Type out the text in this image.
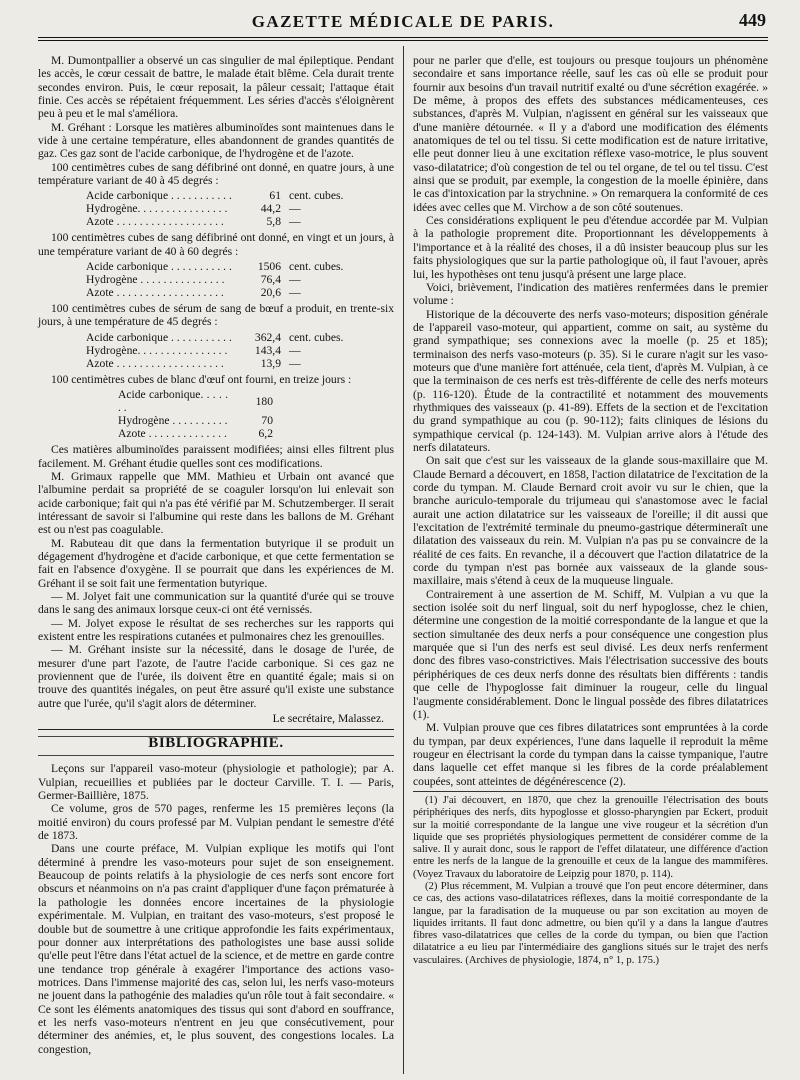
GAZETTE MÉDICALE DE PARIS.	449

M. Dumontpallier a observé un cas singulier de mal épileptique. Pendant les accès, le cœur cessait de battre, le malade était blême. Cela durait trente secondes environ. Puis, le cœur reposait, la pâleur cessait; l'attaque était finie. Ces accès se répétaient fréquemment. Les séries d'accès s'éloignèrent peu à peu et le mal s'améliora.

M. Gréhant : Lorsque les matières albuminoïdes sont maintenues dans le vide à une certaine température, elles abandonnent de grandes quantités de gaz. Ces gaz sont de l'acide carbonique, de l'hydrogène et de l'azote.

100 centimètres cubes de sang défibriné ont donné, en quatre jours, à une température variant de 40 à 45 degrés :

Acide carbonique . . . . . . . . . . .	61	cent. cubes.
Hydrogène. . . . . . . . . . . . . . . .	44,2	—
Azote . . . . . . . . . . . . . . . . . . .	5,8	—

100 centimètres cubes de sang défibriné ont donné, en vingt et un jours, à une température variant de 40 à 60 degrés :

Acide carbonique . . . . . . . . . . .	1506	cent. cubes.
Hydrogène . . . . . . . . . . . . . . .	76,4	—
Azote . . . . . . . . . . . . . . . . . . .	20,6	—

100 centimètres cubes de sérum de sang de bœuf a produit, en trente-six jours, à une température de 45 degrés :

Acide carbonique . . . . . . . . . . .	362,4	cent. cubes.
Hydrogène. . . . . . . . . . . . . . . .	143,4	—
Azote . . . . . . . . . . . . . . . . . . .	13,9	—

100 centimètres cubes de blanc d'œuf ont fourni, en treize jours :

Acide carbonique. . . . . . .	180	
Hydrogène . . . . . . . . . .	70	
Azote . . . . . . . . . . . . . .	6,2	

Ces matières albuminoïdes paraissent modifiées; ainsi elles filtrent plus facilement. M. Gréhant étudie quelles sont ces modifications.

M. Grimaux rappelle que MM. Mathieu et Urbain ont avancé que l'albumine perdait sa propriété de se coaguler lorsqu'on lui enlevait son acide carbonique; fait qui n'a pas été vérifié par M. Schutzemberger. Il serait intéressant de savoir si l'albumine qui reste dans les ballons de M. Gréhant est ou n'est pas coagulable.

M. Rabuteau dit que dans la fermentation butyrique il se produit un dégagement d'hydrogène et d'acide carbonique, et que cette fermentation se fait en l'absence d'oxygène. Il se pourrait que dans les expériences de M. Gréhant il se soit fait une fermentation butyrique.

— M. Jolyet fait une communication sur la quantité d'urée qui se trouve dans le sang des animaux lorsque ceux-ci ont été vernissés.

— M. Jolyet expose le résultat de ses recherches sur les rapports qui existent entre les respirations cutanées et pulmonaires chez les grenouilles.

— M. Gréhant insiste sur la nécessité, dans le dosage de l'urée, de mesurer d'une part l'azote, de l'autre l'acide carbonique. Si ces gaz ne proviennent que de l'urée, ils doivent être en quantité égale; mais si on trouve des quantités inégales, on peut être assuré qu'il existe une substance autre que l'urée, qu'il s'agit alors de déterminer.

Le secrétaire, Malassez.
BIBLIOGRAPHIE.

Leçons sur l'appareil vaso-moteur (physiologie et pathologie); par A. Vulpian, recueillies et publiées par le docteur Carville. T. I. — Paris, Germer-Baillière, 1875.

Ce volume, gros de 570 pages, renferme les 15 premières leçons (la moitié environ) du cours professé par M. Vulpian pendant le semestre d'été de 1873.

Dans une courte préface, M. Vulpian explique les motifs qui l'ont déterminé à prendre les vaso-moteurs pour sujet de son enseignement. Beaucoup de points relatifs à la physiologie de ces nerfs sont encore fort obscurs et néanmoins on n'a pas craint d'appliquer d'une façon prématurée à la pathologie les données encore incertaines de la physiologie expérimentale. M. Vulpian, en traitant des vaso-moteurs, s'est proposé le double but de soumettre à une critique approfondie les faits expérimentaux, pour donner aux interprétations des pathologistes une base aussi solide qu'elle peut l'être dans l'état actuel de la science, et de mettre en garde contre une tendance trop générale à exagérer l'importance des actions vaso-motrices. Dans l'immense majorité des cas, selon lui, les nerfs vaso-moteurs ne jouent dans la pathogénie des maladies qu'un rôle tout à fait secondaire. « Ce sont les éléments anatomiques des tissus qui sont d'abord en souffrance, et les nerfs vaso-moteurs n'entrent en jeu que consécutivement, pour déterminer des anémies, et, le plus souvent, des congestions locales. La congestion,

pour ne parler que d'elle, est toujours ou presque toujours un phénomène secondaire et sans importance réelle, sauf les cas où elle se produit pour fournir aux besoins d'un travail nutritif exalté ou d'une sécrétion exagérée. » De même, à propos des effets des substances médicamenteuses, ces substances, d'après M. Vulpian, n'agissent en général sur les vaisseaux que d'une manière détournée. « Il y a d'abord une modification des éléments anatomiques de tel ou tel tissu. Si cette modification est de nature irritative, elle peut donner lieu à une excitation réflexe vaso-motrice, le plus souvent vaso-dilatatrice; d'où congestion de tel ou tel organe, de tel ou tel tissu. C'est ainsi que se produit, par exemple, la congestion de la moelle épinière, dans le cas d'intoxication par la strychnine. » On remarquera la conformité de ces idées avec celles que M. Virchow a de son côté soutenues.

Ces considérations expliquent le peu d'étendue accordée par M. Vulpian à la pathologie proprement dite. Proportionnant les développements à l'importance et à la réalité des choses, il a dû insister beaucoup plus sur les faits physiologiques que sur la partie pathologique où, il faut l'avouer, après lui, les hypothèses ont tenu jusqu'à présent une large place.

Voici, brièvement, l'indication des matières renfermées dans le premier volume :

Historique de la découverte des nerfs vaso-moteurs; disposition générale de l'appareil vaso-moteur, qui appartient, comme on sait, au système du grand sympathique; ses connexions avec la moelle (p. 25 et 185); terminaison des nerfs vaso-moteurs (p. 35). Si le curare n'agit sur les vaso-moteurs que d'une manière fort atténuée, cela tient, d'après M. Vulpian, à ce que la terminaison de ces nerfs est très-différente de celle des nerfs moteurs (p. 116-120). Étude de la contractilité et notamment des mouvements rhythmiques des vaisseaux (p. 41-89). Effets de la section et de l'excitation du grand sympathique au cou (p. 90-112); faits cliniques de lésions du sympathique cervical (p. 124-143). M. Vulpian arrive alors à l'étude des nerfs dilatateurs.

On sait que c'est sur les vaisseaux de la glande sous-maxillaire que M. Claude Bernard a découvert, en 1858, l'action dilatatrice de l'excitation de la corde du tympan. M. Claude Bernard croit avoir vu sur le chien, que la branche auriculo-temporale du trijumeau qui s'anastomose avec le facial aurait une action dilatatrice sur les vaisseaux de l'oreille; il dit aussi que l'excitation de l'extrémité terminale du pneumo-gastrique détermineraît une dilatation des vaisseaux du rein. M. Vulpian n'a pas pu se convaincre de la réalité de ces faits. En revanche, il a découvert que l'action dilatatrice de la corde du tympan n'est pas bornée aux vaisseaux de la glande sous-maxillaire, mais s'étend à ceux de la muqueuse linguale.

Contrairement à une assertion de M. Schiff, M. Vulpian a vu que la section isolée soit du nerf lingual, soit du nerf hypoglosse, chez le chien, détermine une congestion de la moitié correspondante de la langue et que la section simultanée des deux nerfs a pour conséquence une congestion plus marquée que si l'un des nerfs est seul divisé. Les deux nerfs renferment donc des fibres vaso-constrictives. Mais l'électrisation successive des bouts périphériques de ces deux nerfs donne des résultats bien différents : tandis que celle de l'hypoglosse fait diminuer la rougeur, celle du lingual l'augmente considérablement. Donc le lingual possède des fibres dilatatrices (1).

M. Vulpian prouve que ces fibres dilatatrices sont empruntées à la corde du tympan, par deux expériences, l'une dans laquelle il reproduit la même rougeur en électrisant la corde du tympan dans la caisse tympanique, l'autre dans laquelle cet effet manque si les fibres de la corde préalablement coupées, sont atteintes de dégénérescence (2).

(1) J'ai découvert, en 1870, que chez la grenouille l'électrisation des bouts périphériques des nerfs, dits hypoglosse et glosso-pharyngien par Eckert, produit sur la moitié correspondante de la langue une vive rougeur et la sécrétion d'un liquide que ses propriétés physiologiques permettent de considérer comme de la salive. Il y aurait donc, sous le rapport de l'effet dilatateur, une différence d'action entre les nerfs de la langue de la grenouille et ceux de la langue des mammifères. (Voyez Travaux du laboratoire de Leipzig pour 1870, p. 114).

(2) Plus récemment, M. Vulpian a trouvé que l'on peut encore déterminer, dans ce cas, des actions vaso-dilatatrices réflexes, dans la moitié correspondante de la langue, par la faradisation de la muqueuse ou par son excitation au moyen de liquides irritants. Il faut donc admettre, ou bien qu'il y a dans la langue d'autres fibres vaso-dilatatrices que celles de la corde du tympan, ou bien que l'action dilatatrice a eu lieu par l'intermédiaire des ganglions situés sur le trajet des nerfs vasculaires. (Archives de physiologie, 1874, n° 1, p. 175.)
